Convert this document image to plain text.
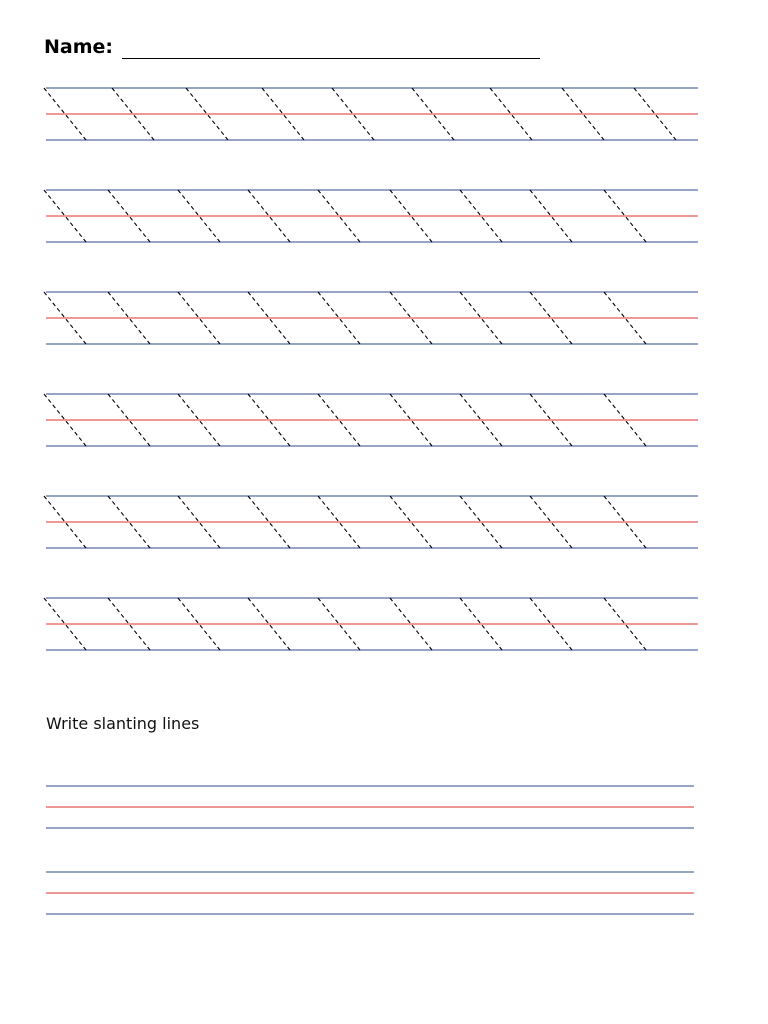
Name:
Write slanting lines
